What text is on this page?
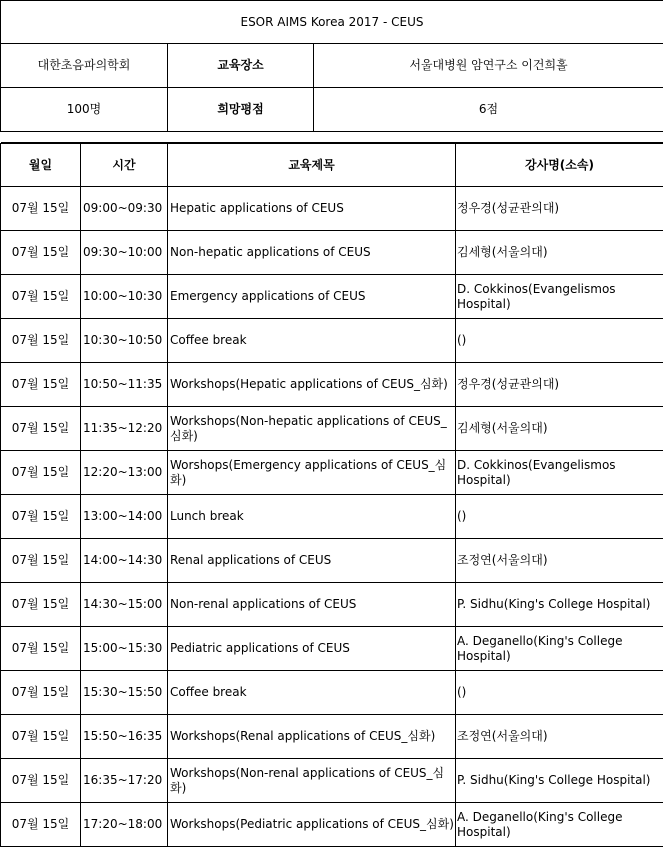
ESOR AIMS Korea 2017 - CEUS		
대한초음파의학회	교육장소	서울대병원 암연구소 이건희홀
100명	희망평점	6점

월일	시간	교육제목	강사명(소속)
07월 15일	09:00~09:30	Hepatic applications of CEUS	정우경(성균관의대)
07월 15일	09:30~10:00	Non-hepatic applications of CEUS	김세형(서울의대)
07월 15일	10:00~10:30	Emergency applications of CEUS	D. Cokkinos(Evangelismos Hospital)
07월 15일	10:30~10:50	Coffee break	()
07월 15일	10:50~11:35	Workshops(Hepatic applications of CEUS_심화)	정우경(성균관의대)
07월 15일	11:35~12:20	Workshops(Non-hepatic applications of CEUS_심화)	김세형(서울의대)
07월 15일	12:20~13:00	Worshops(Emergency applications of CEUS_심화)	D. Cokkinos(Evangelismos Hospital)
07월 15일	13:00~14:00	Lunch break	()
07월 15일	14:00~14:30	Renal applications of CEUS	조정연(서울의대)
07월 15일	14:30~15:00	Non-renal applications of CEUS	P. Sidhu(King's College Hospital)
07월 15일	15:00~15:30	Pediatric applications of CEUS	A. Deganello(King's College Hospital)
07월 15일	15:30~15:50	Coffee break	()
07월 15일	15:50~16:35	Workshops(Renal applications of CEUS_심화)	조정연(서울의대)
07월 15일	16:35~17:20	Workshops(Non-renal applications of CEUS_심화)	P. Sidhu(King's College Hospital)
07월 15일	17:20~18:00	Workshops(Pediatric applications of CEUS_심화)	A. Deganello(King's College Hospital)
